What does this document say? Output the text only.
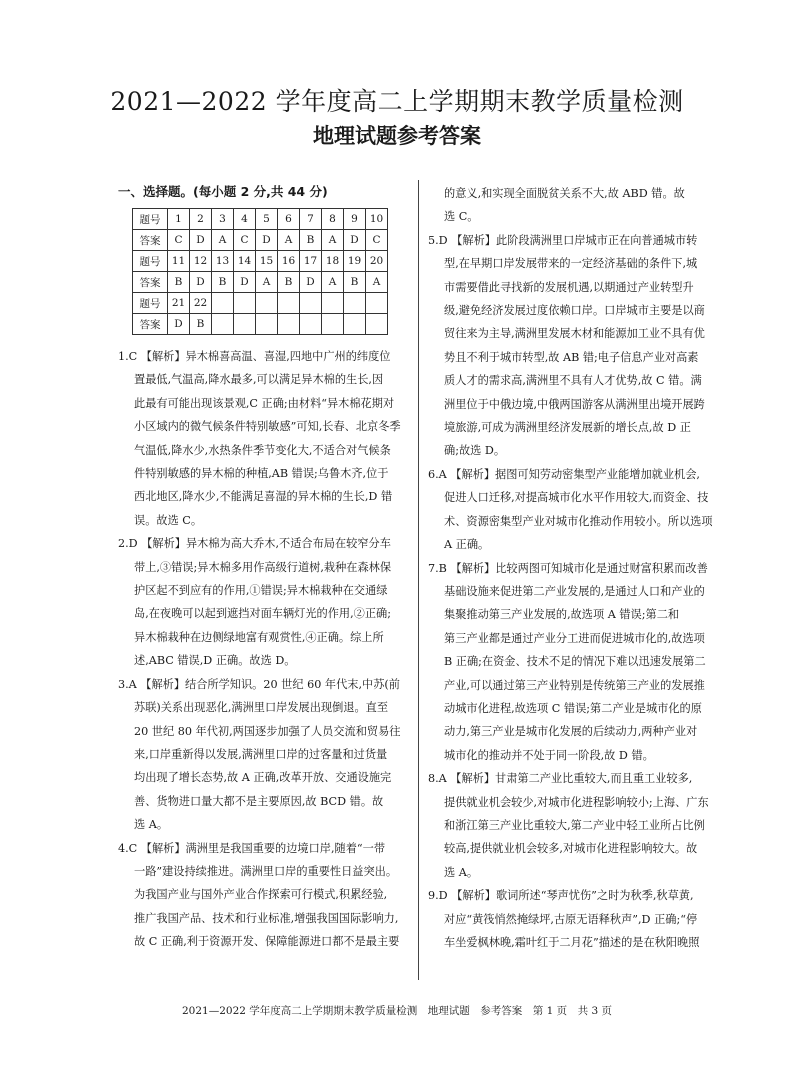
2021—2022 学年度高二上学期期末教学质量检测
地理试题参考答案
一、选择题。(每小题 2 分,共 44 分)
题号	1	2	3	4	5	6	7	8	9	10
答案	C	D	A	C	D	A	B	A	D	C
题号	11	12	13	14	15	16	17	18	19	20
答案	B	D	B	D	A	B	D	A	B	A
题号	21	22								
答案	D	B								
1.C 【解析】异木棉喜高温、喜湿,四地中广州的纬度位
置最低,气温高,降水最多,可以满足异木棉的生长,因
此最有可能出现该景观,C 正确;由材料“异木棉花期对
小区域内的微气候条件特别敏感”可知,长春、北京冬季
气温低,降水少,水热条件季节变化大,不适合对气候条
件特别敏感的异木棉的种植,AB 错误;乌鲁木齐,位于
西北地区,降水少,不能满足喜湿的异木棉的生长,D 错
误。故选 C。
2.D 【解析】异木棉为高大乔木,不适合布局在较窄分车
带上,③错误;异木棉多用作高级行道树,栽种在森林保
护区起不到应有的作用,①错误;异木棉栽种在交通绿
岛,在夜晚可以起到遮挡对面车辆灯光的作用,②正确;
异木棉栽种在边侧绿地富有观赏性,④正确。综上所
述,ABC 错误,D 正确。故选 D。
3.A 【解析】结合所学知识。20 世纪 60 年代末,中苏(前
苏联)关系出现恶化,满洲里口岸发展出现倒退。直至
20 世纪 80 年代初,两国逐步加强了人员交流和贸易往
来,口岸重新得以发展,满洲里口岸的过客量和过货量
均出现了增长态势,故 A 正确,改革开放、交通设施完
善、货物进口量大都不是主要原因,故 BCD 错。故
选 A。
4.C 【解析】满洲里是我国重要的边境口岸,随着“一带
一路”建设持续推进。满洲里口岸的重要性日益突出。
为我国产业与国外产业合作探索可行模式,积累经验,
推广我国产品、技术和行业标准,增强我国国际影响力,
故 C 正确,利于资源开发、保障能源进口都不是最主要
的意义,和实现全面脱贫关系不大,故 ABD 错。故
选 C。
5.D 【解析】此阶段满洲里口岸城市正在向普通城市转
型,在早期口岸发展带来的一定经济基础的条件下,城
市需要借此寻找新的发展机遇,以期通过产业转型升
级,避免经济发展过度依赖口岸。口岸城市主要是以商
贸往来为主导,满洲里发展木材和能源加工业不具有优
势且不利于城市转型,故 AB 错;电子信息产业对高素
质人才的需求高,满洲里不具有人才优势,故 C 错。满
洲里位于中俄边境,中俄两国游客从满洲里出境开展跨
境旅游,可成为满洲里经济发展新的增长点,故 D 正
确;故选 D。
6.A 【解析】据图可知劳动密集型产业能增加就业机会,
促进人口迁移,对提高城市化水平作用较大,而资金、技
术、资源密集型产业对城市化推动作用较小。所以选项
A 正确。
7.B 【解析】比较两图可知城市化是通过财富积累而改善
基础设施来促进第二产业发展的,是通过人口和产业的
集聚推动第三产业发展的,故选项 A 错误;第二和
第三产业都是通过产业分工进而促进城市化的,故选项
B 正确;在资金、技术不足的情况下难以迅速发展第二
产业,可以通过第三产业特别是传统第三产业的发展推
动城市化进程,故选项 C 错误;第二产业是城市化的原
动力,第三产业是城市化发展的后续动力,两种产业对
城市化的推动并不处于同一阶段,故 D 错。
8.A 【解析】甘肃第二产业比重较大,而且重工业较多,
提供就业机会较少,对城市化进程影响较小;上海、广东
和浙江第三产业比重较大,第二产业中轻工业所占比例
较高,提供就业机会较多,对城市化进程影响较大。故
选 A。
9.D 【解析】歌词所述“琴声忧伤”之时为秋季,秋草黄,
对应“黄筏悄然掩绿坪,古原无语释秋声”,D 正确;“停
车坐爱枫林晚,霜叶红于二月花”描述的是在秋阳晚照
2021—2022 学年度高二上学期期末教学质量检测　地理试题　参考答案　第 1 页　共 3 页
